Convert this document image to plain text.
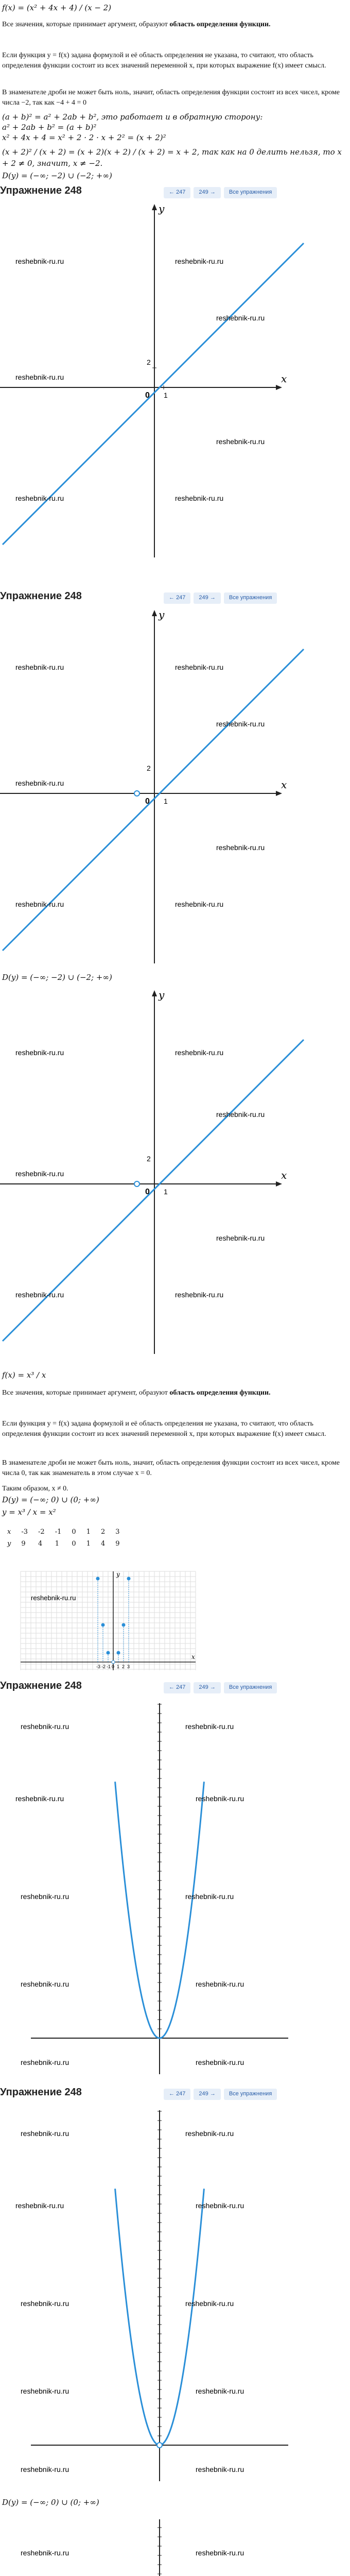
f(x) = (x² + 4x + 4) / (x − 2)
Все значения, которые принимает аргумент, образуют область определения функции.
Если функция y = f(x) задана формулой и её область определения не указана, то считают, что область определения функции состоит из всех значений переменной x, при которых выражение f(x) имеет смысл.
В знаменателе дроби не может быть ноль, значит, область определения функции состоит из всех чисел, кроме числа −2, так как −4 + 4 = 0
(a + b)² = a² + 2ab + b², это работает и в обратную сторону:
a² + 2ab + b² = (a + b)²
x² + 4x + 4 = x² + 2 · 2 · x + 2² = (x + 2)²
(x + 2)² / (x + 2) = (x + 2)(x + 2) / (x + 2) = x + 2, так как на 0 делить нельзя, то x + 2 ≠ 0, значит, x ≠ −2.
D(y) = (−∞; −2) ∪ (−2; +∞)
Упражнение 248	← 247	249 →	Все упражнения
y
x
0 1
2
reshebnik-ru.ru	reshebnik-ru.ru
reshebnik-ru.ru
reshebnik-ru.ru
reshebnik-ru.ru
reshebnik-ru.ru	reshebnik-ru.ru
Упражнение 248	← 247	249 →	Все упражнения
y
x
0 1
2
reshebnik-ru.ru	reshebnik-ru.ru
reshebnik-ru.ru
reshebnik-ru.ru
reshebnik-ru.ru
reshebnik-ru.ru	reshebnik-ru.ru
D(y) = (−∞; −2) ∪ (−2; +∞)
y
x
0 1
2
reshebnik-ru.ru	reshebnik-ru.ru
reshebnik-ru.ru
reshebnik-ru.ru
reshebnik-ru.ru
reshebnik-ru.ru	reshebnik-ru.ru
f(x) = x³ / x
Все значения, которые принимает аргумент, образуют область определения функции.
Если функция y = f(x) задана формулой и её область определения не указана, то считают, что область определения функции состоит из всех значений переменной x, при которых выражение f(x) имеет смысл.
В знаменателе дроби не может быть ноль, значит, область определения функции состоит из всех чисел, кроме числа 0, так как знаменатель в этом случае x = 0.
Таким образом, x ≠ 0.
D(y) = (−∞; 0) ∪ (0; +∞)
y = x³ / x = x²
x	-3	-2	-1	0	1	2	3
y	9	4	1	0	1	4	9
y
x
-3 -2 -1 0 1 2 3
reshebnik-ru.ru
Упражнение 248	← 247	249 →	Все упражнения
reshebnik-ru.ru	reshebnik-ru.ru
reshebnik-ru.ru	reshebnik-ru.ru
reshebnik-ru.ru	reshebnik-ru.ru
reshebnik-ru.ru	reshebnik-ru.ru
reshebnik-ru.ru	reshebnik-ru.ru
Упражнение 248	← 247	249 →	Все упражнения
reshebnik-ru.ru	reshebnik-ru.ru
reshebnik-ru.ru	reshebnik-ru.ru
reshebnik-ru.ru	reshebnik-ru.ru
reshebnik-ru.ru	reshebnik-ru.ru
reshebnik-ru.ru	reshebnik-ru.ru
D(y) = (−∞; 0) ∪ (0; +∞)
reshebnik-ru.ru	reshebnik-ru.ru
